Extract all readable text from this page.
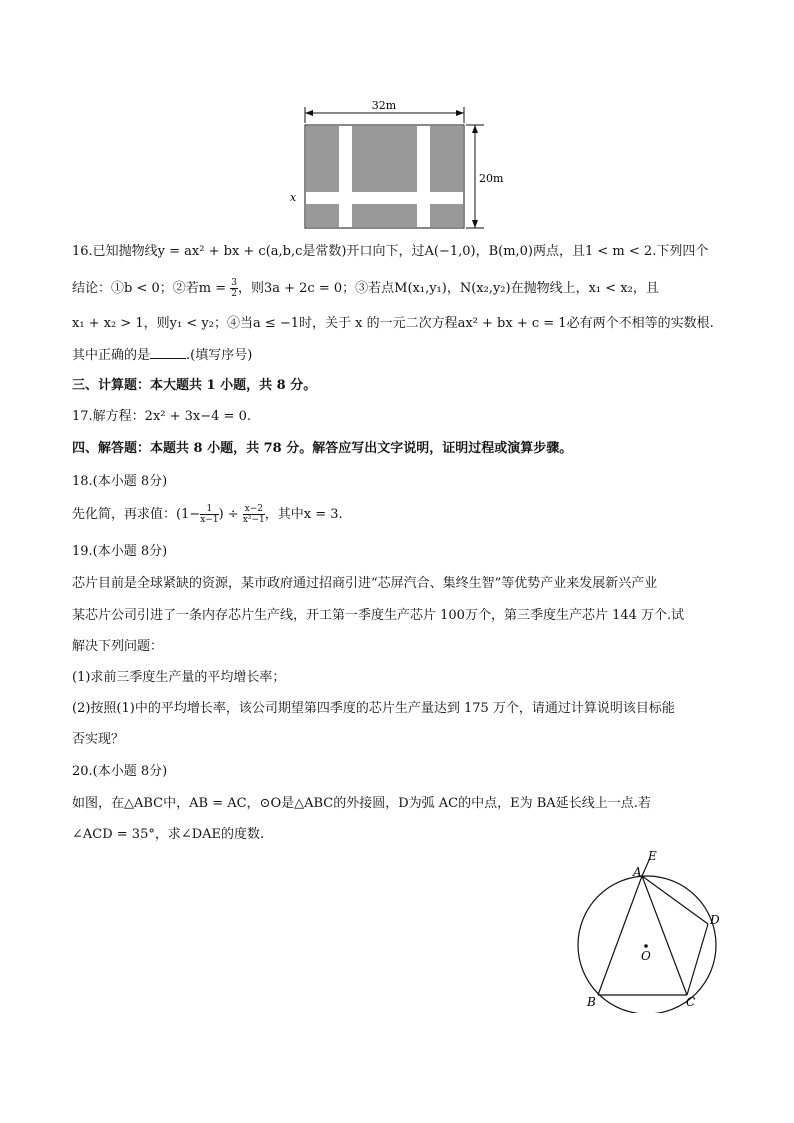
32m
20m
x
16.已知抛物线y = ax² + bx + c(a,b,c是常数)开口向下，过A(−1,0)，B(m,0)两点，且1 < m < 2.下列四个
结论：①b < 0；②若$m = \frac{3}{2}$ ，则3a + 2c = 0；③若点M(x₁,y₁)，N(x₂,y₂)在抛物线上，x₁ < x₂，且
x₁ + x₂ > 1，则y₁ < y₂；④当a ≤ −1时，关于 x 的一元二次方程ax² + bx + c = 1必有两个不相等的实数根.
其中正确的是	.(填写序号)
三、计算题：本大题共 1 小题，共 8 分。
17.解方程：2x² + 3x−4 = 0.
四、解答题：本题共 8 小题，共 78 分。解答应写出文字说明，证明过程或演算步骤。
18.(本小题 8分)
先化简，再求值：($1- \frac{1}{x-1}$ ) ÷ $\frac{x-2}{\text{x²−1}}$ ，其中x = 3.
19.(本小题 8分)
芯片目前是全球紧缺的资源，某市政府通过招商引进“芯屏汽合、集终生智”等优势产业来发展新兴产业
某芯片公司引进了一条内存芯片生产线，开工第一季度生产芯片 100万个，第三季度生产芯片 144 万个.试
解决下列问题：
(1)求前三季度生产量的平均增长率；
(2)按照(1)中的平均增长率，该公司期望第四季度的芯片生产量达到 175 万个，请通过计算说明该目标能
否实现？
20.(本小题 8分)
如图，在△ABC中，AB = AC，⊙O是△ABC的外接圆，D为弧 AC的中点，E为 BA延长线上一点.若
∠ACD = 35°，求∠DAE的度数.
A
E
D
O
B	C
